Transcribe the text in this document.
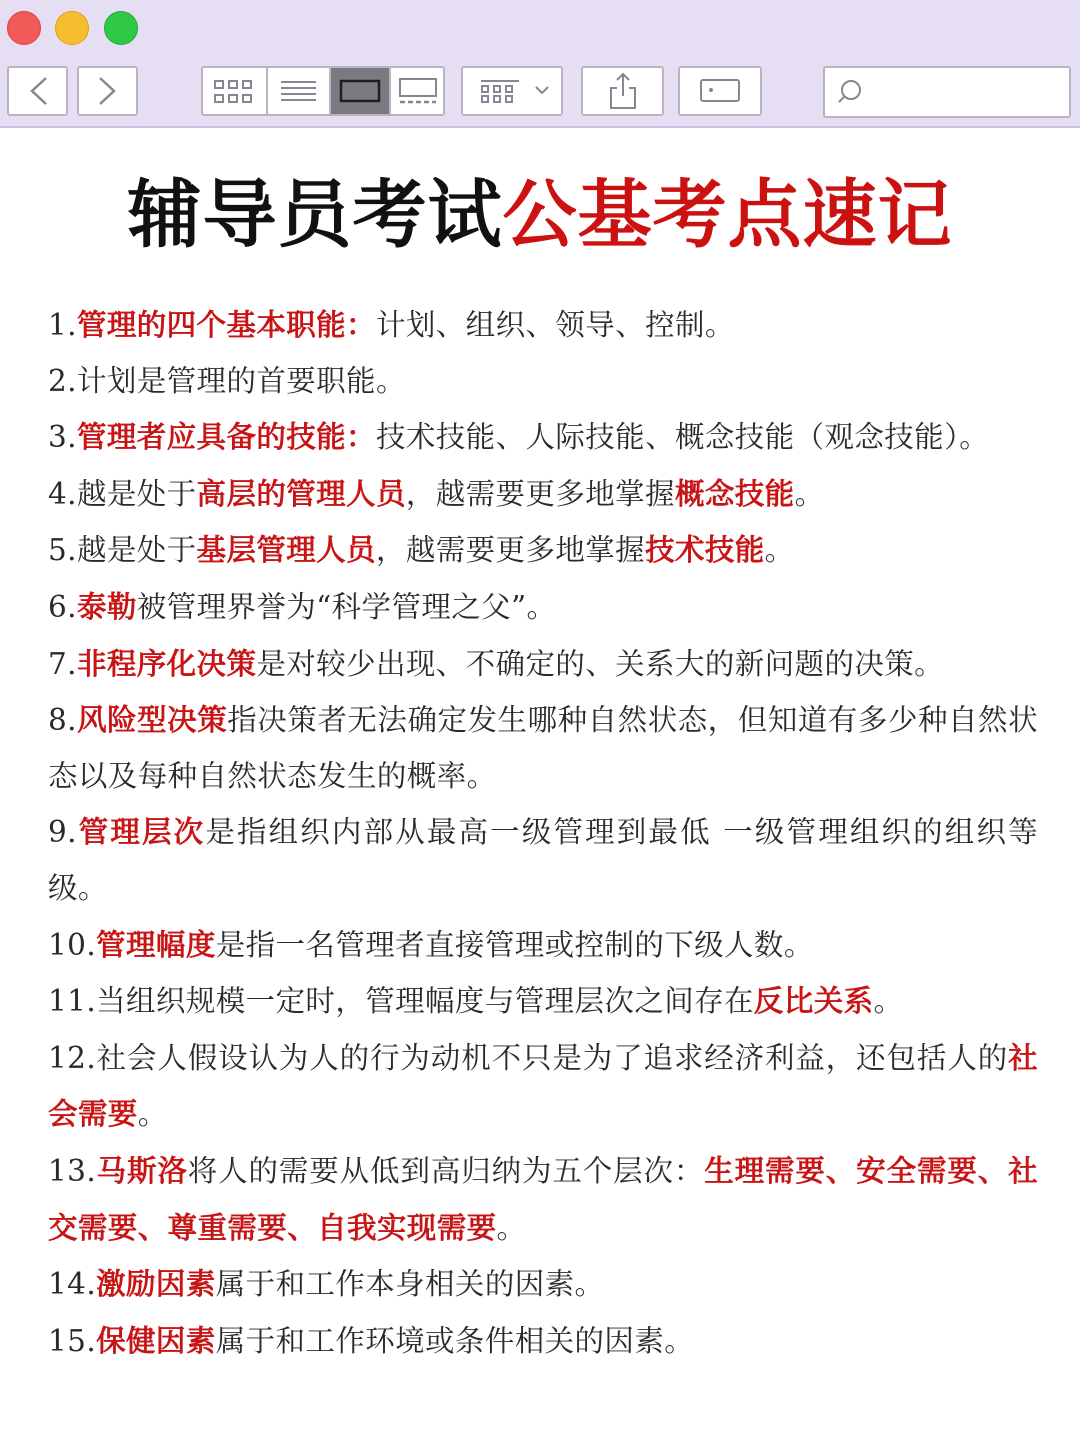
辅导员考试公基考点速记

1.管理的四个基本职能：计划、组织、领导、控制。

2.计划是管理的首要职能。

3.管理者应具备的技能：技术技能、人际技能、概念技能（观念技能）。

4.越是处于高层的管理人员，越需要更多地掌握概念技能。

5.越是处于基层管理人员，越需要更多地掌握技术技能。

6.泰勒被管理界誉为“科学管理之父”。

7.非程序化决策是对较少出现、不确定的、关系大的新问题的决策。

8.风险型决策指决策者无法确定发生哪种自然状态，但知道有多少种自然状态以及每种自然状态发生的概率。

9.管理层次是指组织内部从最高一级管理到最低 一级管理组织的组织等级。

10.管理幅度是指一名管理者直接管理或控制的下级人数。

11.当组织规模一定时，管理幅度与管理层次之间存在反比关系。

12.社会人假设认为人的行为动机不只是为了追求经济利益，还包括人的社会需要。

13.马斯洛将人的需要从低到高归纳为五个层次：生理需要、安全需要、社交需要、尊重需要、自我实现需要。

14.激励因素属于和工作本身相关的因素。

15.保健因素属于和工作环境或条件相关的因素。
